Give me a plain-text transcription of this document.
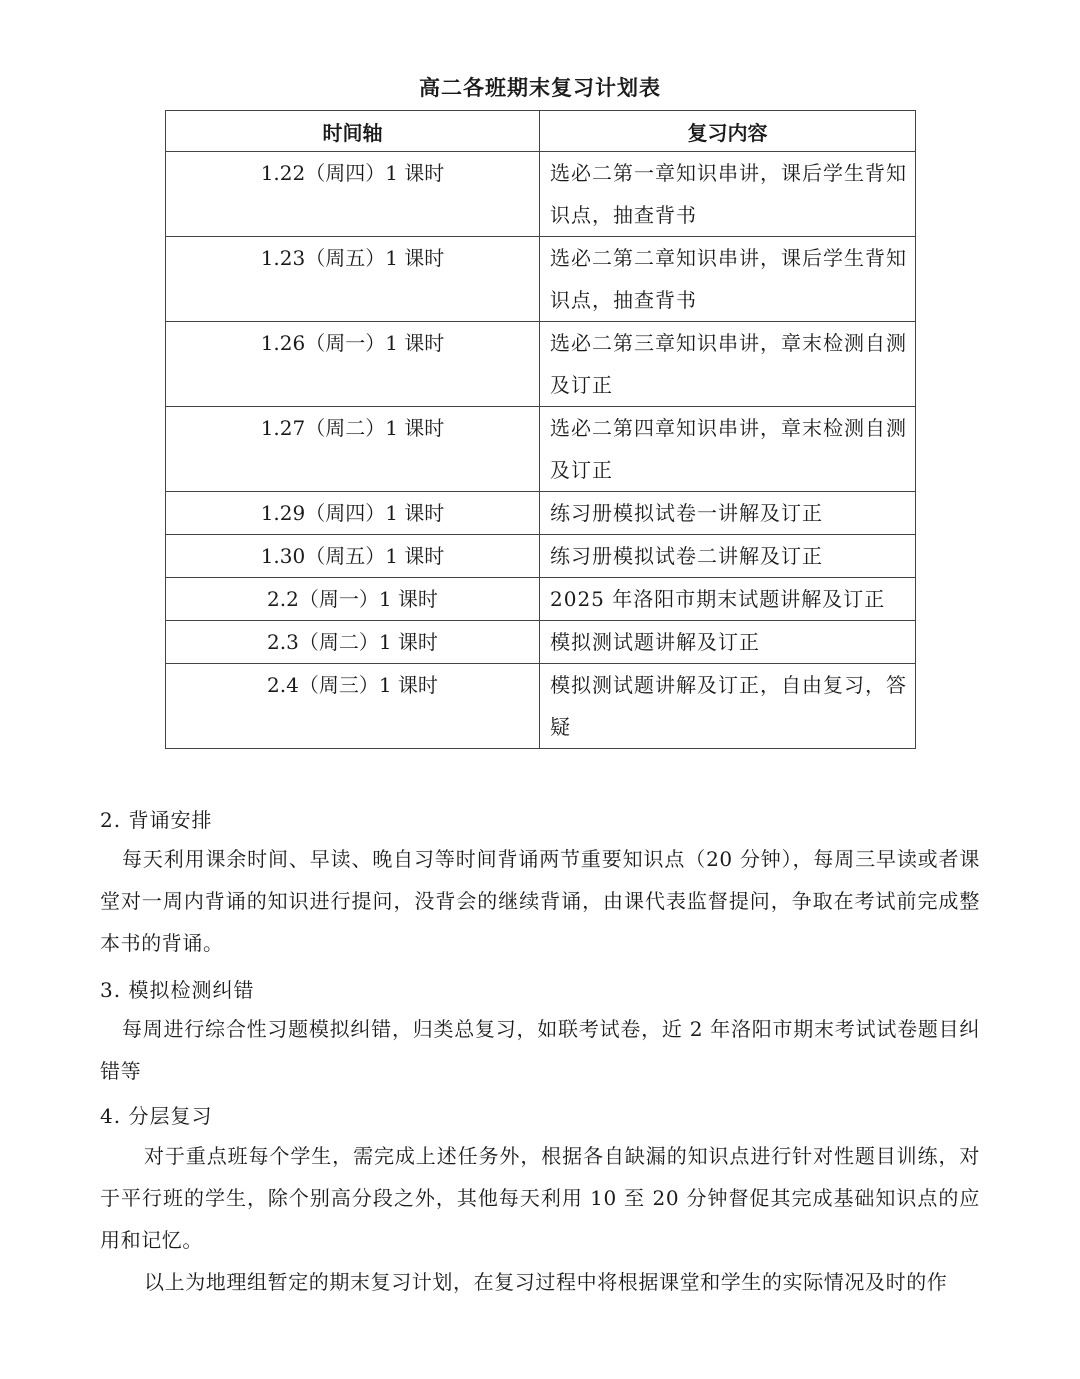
高二各班期末复习计划表
时间轴	复习内容
1.22（周四）1 课时	选必二第一章知识串讲，课后学生背知识点，抽查背书

1.23（周五）1 课时	选必二第二章知识串讲，课后学生背知识点，抽查背书

1.26（周一）1 课时	选必二第三章知识串讲，章末检测自测及订正

1.27（周二）1 课时	选必二第四章知识串讲，章末检测自测及订正

1.29（周四）1 课时	练习册模拟试卷一讲解及订正

1.30（周五）1 课时	练习册模拟试卷二讲解及订正

2.2（周一）1 课时	2025 年洛阳市期末试题讲解及订正

2.3（周二）1 课时	模拟测试题讲解及订正

2.4（周三）1 课时	模拟测试题讲解及订正，自由复习，答疑
2. 背诵安排
每天利用课余时间、早读、晚自习等时间背诵两节重要知识点（20 分钟），每周三早读或者课堂对一周内背诵的知识进行提问，没背会的继续背诵，由课代表监督提问，争取在考试前完成整本书的背诵。
3. 模拟检测纠错
每周进行综合性习题模拟纠错，归类总复习，如联考试卷，近 2 年洛阳市期末考试试卷题目纠错等
4. 分层复习
对于重点班每个学生，需完成上述任务外，根据各自缺漏的知识点进行针对性题目训练，对于平行班的学生，除个别高分段之外，其他每天利用 10 至 20 分钟督促其完成基础知识点的应用和记忆。
以上为地理组暂定的期末复习计划，在复习过程中将根据课堂和学生的实际情况及时的作
